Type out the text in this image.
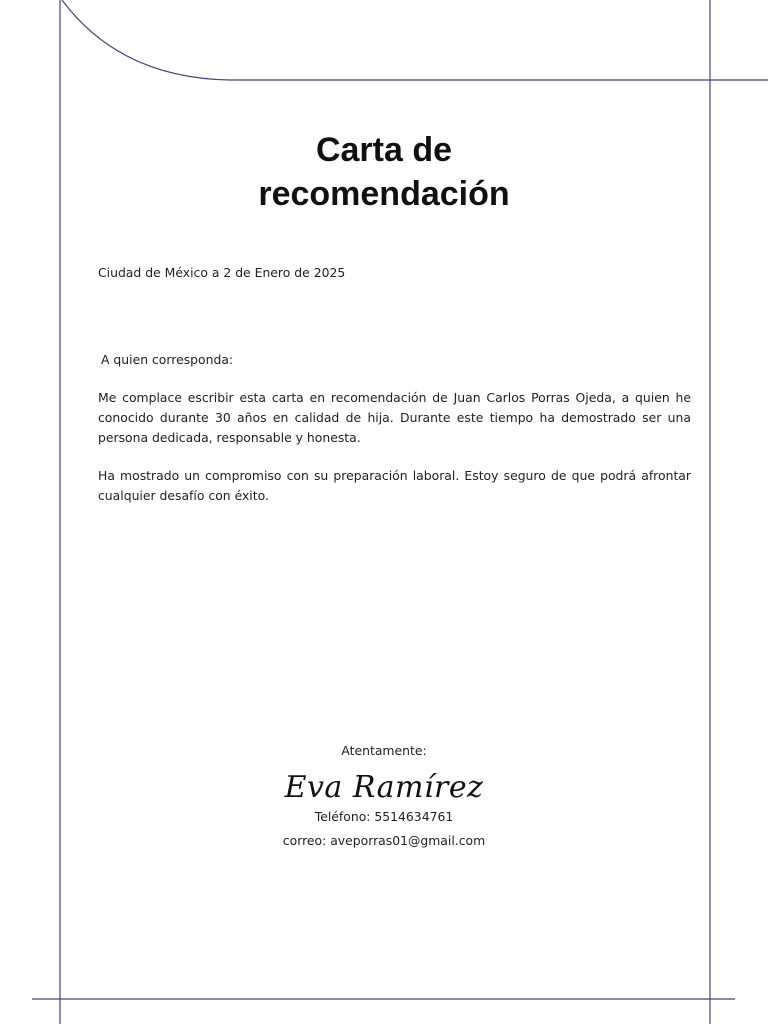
Carta de
recomendación

Ciudad de México a 2 de Enero de 2025

A quien corresponda:

Me complace escribir esta carta en recomendación de Juan Carlos Porras Ojeda, a quien he conocido durante 30 años en calidad de hija. Durante este tiempo ha demostrado ser una persona dedicada, responsable y honesta.

Ha mostrado un compromiso con su preparación laboral. Estoy seguro de que podrá afrontar cualquier desafío con éxito.

Atentamente:
Eva Ramírez
Teléfono: 5514634761
correo: aveporras01@gmail.com
